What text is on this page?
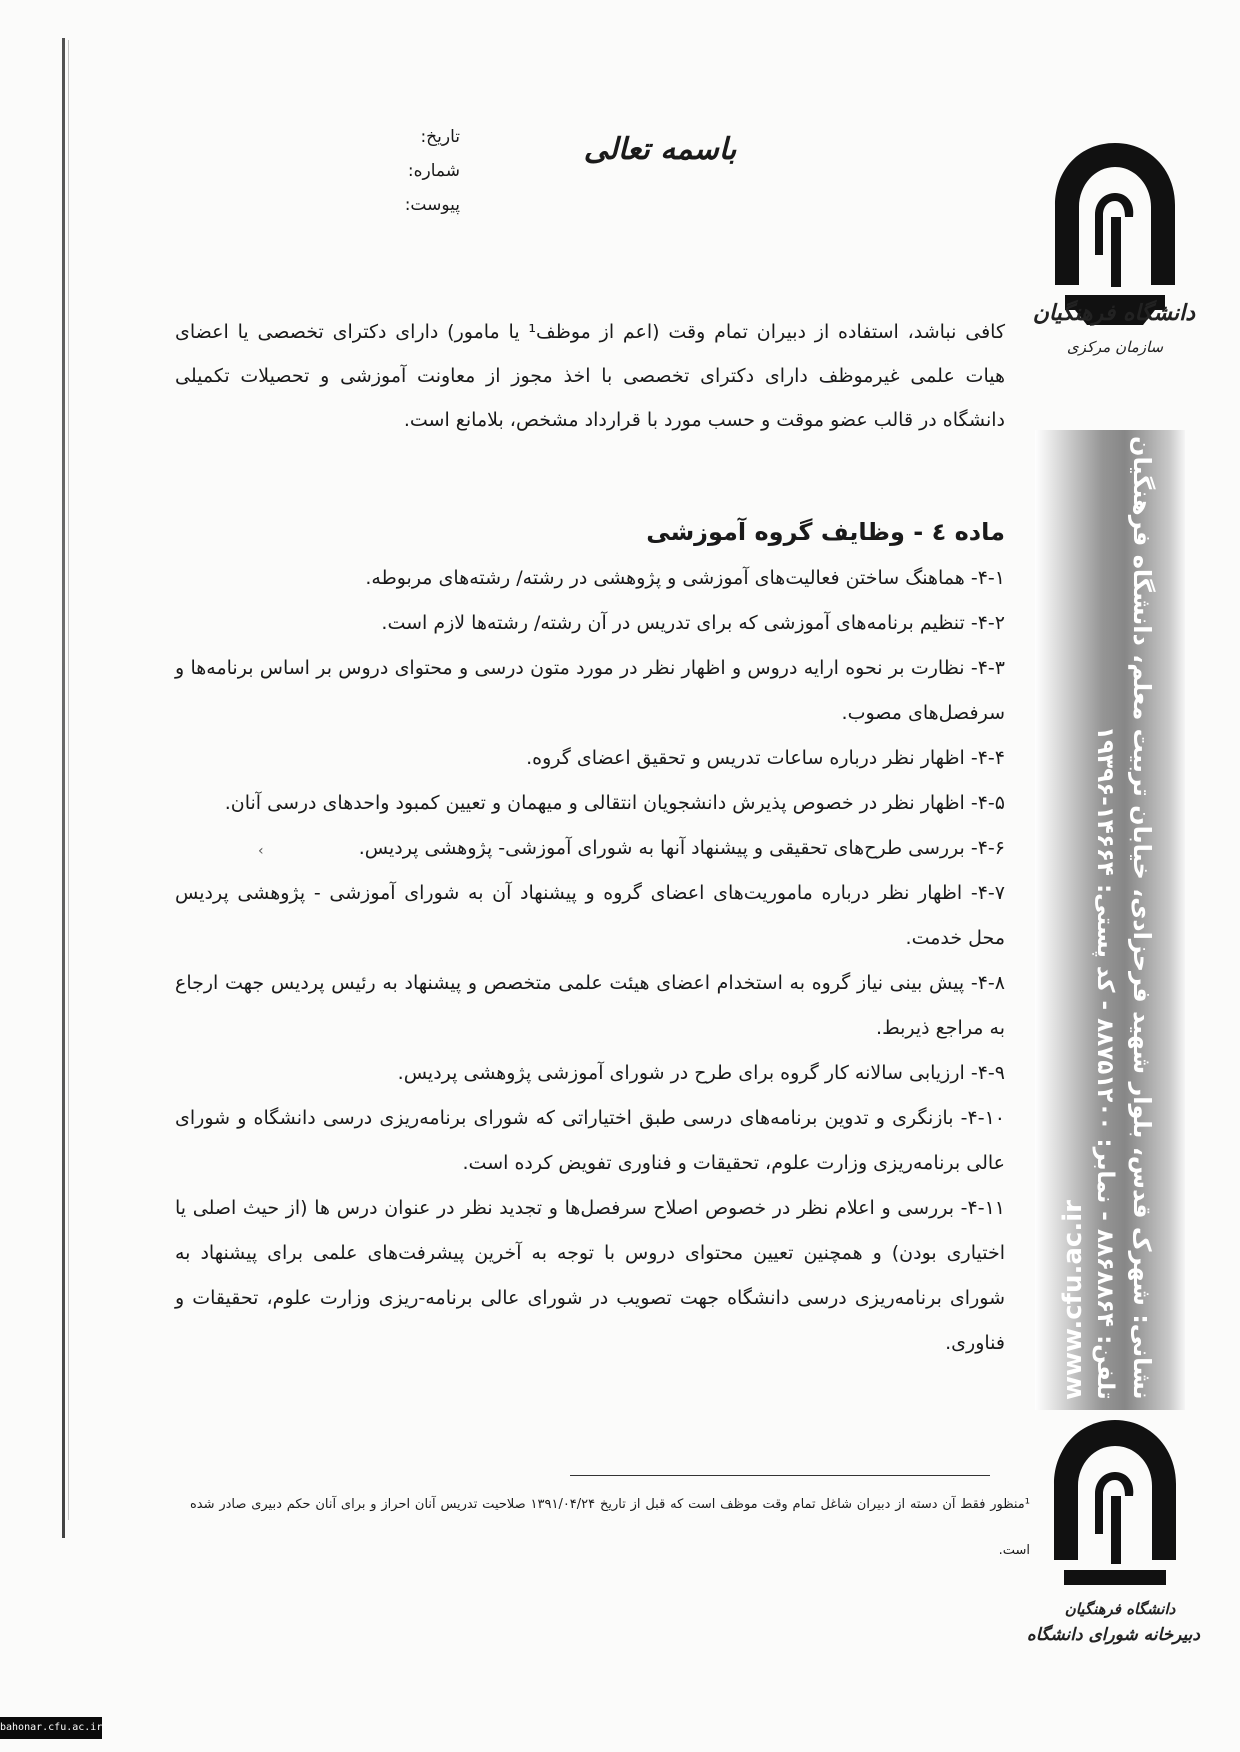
تاریخ:
شماره:
پیوست:
باسمه تعالی
دانشگاه فرهنگیان
سازمان مرکزی
نشانی: شهرک قدس، بلوار شهید فرحزادی، خیابان تربیت معلم، دانشگاه فرهنگیان
تلفن: ۸۸۶۸۸۶۴ - نمابر: ۸۸۷۵۱۲۰۰ - کد پستی: ۱۴۶۶۴-۱۹۳۹۶
www.cfu.ac.ir

کافی نباشد، استفاده از دبیران تمام وقت (اعم از موظف¹ یا مامور) دارای دکترای تخصصی یا اعضای هیات علمی غیرموظف دارای دکترای تخصصی با اخذ مجوز از معاونت آموزشی و تحصیلات تکمیلی دانشگاه در قالب عضو موقت و حسب مورد با قرارداد مشخص، بلامانع است.

ماده ٤ - وظایف گروه آموزشی

۴-۱- هماهنگ ساختن فعالیت‌های آموزشی و پژوهشی در رشته/ رشته‌های مربوطه.

۴-۲- تنظیم برنامه‌های آموزشی که برای تدریس در آن رشته/ رشته‌ها لازم است.

۴-۳- نظارت بر نحوه ارایه دروس و اظهار نظر در مورد متون درسی و محتوای دروس بر اساس برنامه‌ها و سرفصل‌های مصوب.

۴-۴- اظهار نظر درباره ساعات تدریس و تحقیق اعضای گروه.

۴-۵- اظهار نظر در خصوص پذیرش دانشجویان انتقالی و میهمان و تعیین کمبود واحدهای درسی آنان.

۴-۶- بررسی طرح‌های تحقیقی و پیشنهاد آنها به شورای آموزشی- پژوهشی پردیس.

۴-۷- اظهار نظر درباره ماموریت‌های اعضای گروه و پیشنهاد آن به شورای آموزشی - پژوهشی پردیس محل خدمت.

۴-۸- پیش بینی نیاز گروه به استخدام اعضای هیئت علمی متخصص و پیشنهاد به رئیس پردیس جهت ارجاع به مراجع ذیربط.

۴-۹- ارزیابی سالانه کار گروه برای طرح در شورای آموزشی پژوهشی پردیس.

۴-۱۰- بازنگری و تدوین برنامه‌های درسی طبق اختیاراتی که شورای برنامه‌ریزی درسی دانشگاه و شورای عالی برنامه‌ریزی وزارت علوم، تحقیقات و فناوری تفویض کرده است.

۴-۱۱- بررسی و اعلام نظر در خصوص اصلاح سرفصل‌ها و تجدید نظر در عنوان درس ها (از حیث اصلی یا اختیاری بودن) و همچنین تعیین محتوای دروس با توجه به آخرین پیشرفت‌های علمی برای پیشنهاد به شورای برنامه‌ریزی درسی دانشگاه جهت تصویب در شورای عالی برنامه-ریزی وزارت علوم، تحقیقات و فناوری.

›
¹منظور فقط آن دسته از دبیران شاغل تمام وقت موظف است که قبل از تاریخ ۱۳۹۱/۰۴/۲۴ صلاحیت تدریس آنان احراز و برای آنان حکم دبیری صادر شده است.
دانشگاه فرهنگیان
دبیرخانه شورای دانشگاه
bahonar.cfu.ac.ir
